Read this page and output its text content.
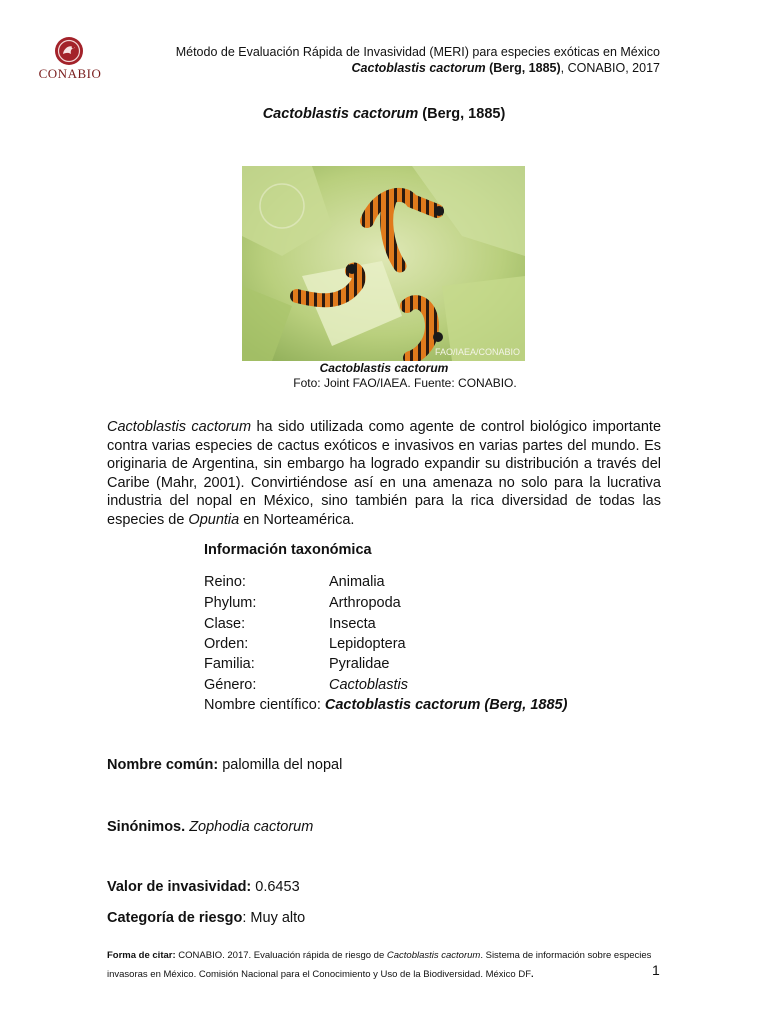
CONABIO
Método de Evaluación Rápida de Invasividad (MERI) para especies exóticas en México
Cactoblastis cactorum (Berg, 1885), CONABIO, 2017
Cactoblastis cactorum (Berg, 1885)
FAO/IAEA/CONABIO
Cactoblastis cactorum
Foto: Joint FAO/IAEA. Fuente: CONABIO.
Cactoblastis cactorum ha sido utilizada como agente de control biológico importante contra varias especies de cactus exóticos e invasivos en varias partes del mundo. Es originaria de Argentina, sin embargo ha logrado expandir su distribución a través del Caribe (Mahr, 2001). Convirtiéndose así en una amenaza no solo para la lucrativa industria del nopal en México, sino también para la rica diversidad de todas las especies de Opuntia en Norteamérica.
Información taxonómica
Reino:	Animalia
Phylum:	Arthropoda
Clase:	Insecta
Orden:	Lepidoptera
Familia:	Pyralidae
Género:	Cactoblastis
Nombre científico: Cactoblastis cactorum (Berg, 1885)
Nombre común: palomilla del nopal
Sinónimos. Zophodia cactorum
Valor de invasividad: 0.6453
Categoría de riesgo: Muy alto
Forma de citar: CONABIO. 2017. Evaluación rápida de riesgo de Cactoblastis cactorum. Sistema de información sobre especies invasoras en México. Comisión Nacional para el Conocimiento y Uso de la Biodiversidad. México DF.	1
